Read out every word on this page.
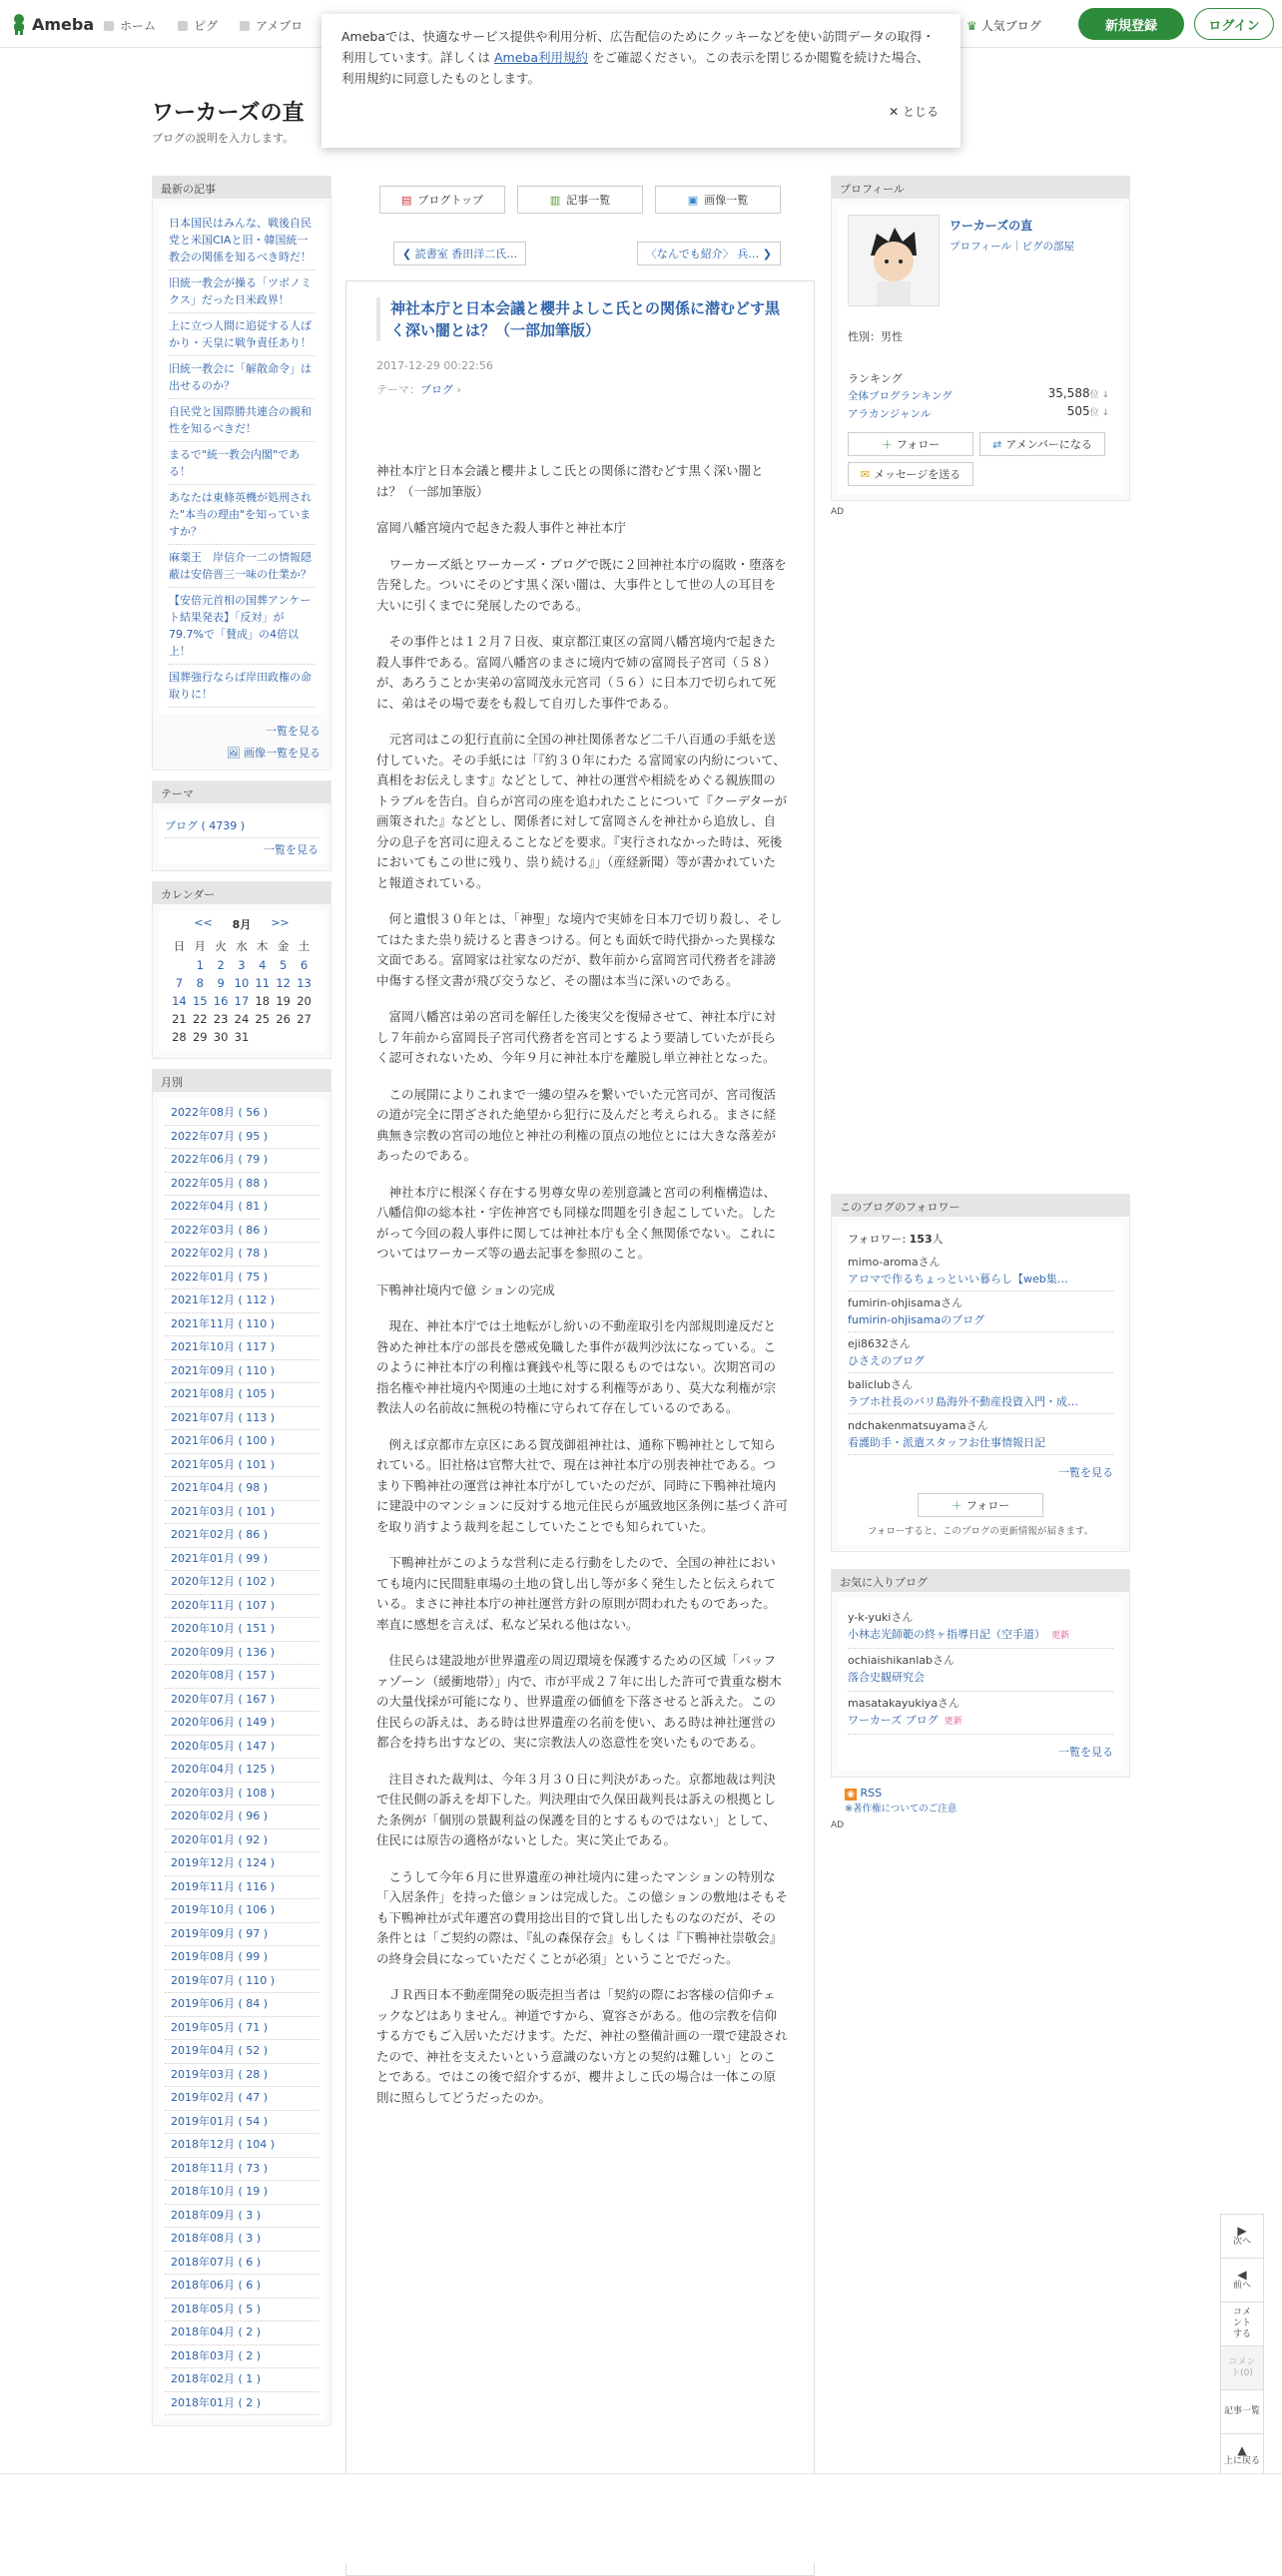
Ameba ホーム	ピグ	アメブロ	♛ 人気ブログ	新規登録	ログイン
ワーカーズの直
ブログの説明を入力します。
Amebaでは、快適なサービス提供や利用分析、広告配信のためにクッキーなどを使い訪問データの取得・利用しています。詳しくは Ameba利用規約 をご確認ください。この表示を閉じるか閲覧を続けた場合、利用規約に同意したものとします。
✕ とじる
最新の記事
日本国民はみんな、戦後自民党と米国CIAと旧・韓国統一教会の関係を知るべき時だ！
旧統一教会が操る「ツボノミクス」だった日米政界！
上に立つ人間に追従する人ばかり・天皇に戦争責任あり！
旧統一教会に「解散命令」は出せるのか？
自民党と国際勝共連合の親和性を知るべきだ！
まるで"統一教会内閣"である！
あなたは東條英機が処刑された"本当の理由"を知っていますか？
麻薬王　岸信介一二の情報隠蔽は安倍晋三一味の仕業か？
【安倍元首相の国葬アンケート結果発表】「反対」が79.7%で「賛成」の4倍以上！
国葬強行ならば岸田政権の命取りに！
一覧を見る
🖼 画像一覧を見る
テーマ
ブログ ( 4739 )
一覧を見る
カレンダー
<< 8月 >>
日	月	火	水	木	金	土
	1	2	3	4	5	6
7	8	9	10	11	12	13
14	15	16	17	18	19	20
21	22	23	24	25	26	27
28	29	30	31			
月別
2022年08月 ( 56 )
2022年07月 ( 95 )
2022年06月 ( 79 )
2022年05月 ( 88 )
2022年04月 ( 81 )
2022年03月 ( 86 )
2022年02月 ( 78 )
2022年01月 ( 75 )
2021年12月 ( 112 )
2021年11月 ( 110 )
2021年10月 ( 117 )
2021年09月 ( 110 )
2021年08月 ( 105 )
2021年07月 ( 113 )
2021年06月 ( 100 )
2021年05月 ( 101 )
2021年04月 ( 98 )
2021年03月 ( 101 )
2021年02月 ( 86 )
2021年01月 ( 99 )
2020年12月 ( 102 )
2020年11月 ( 107 )
2020年10月 ( 151 )
2020年09月 ( 136 )
2020年08月 ( 157 )
2020年07月 ( 167 )
2020年06月 ( 149 )
2020年05月 ( 147 )
2020年04月 ( 125 )
2020年03月 ( 108 )
2020年02月 ( 96 )
2020年01月 ( 92 )
2019年12月 ( 124 )
2019年11月 ( 116 )
2019年10月 ( 106 )
2019年09月 ( 97 )
2019年08月 ( 99 )
2019年07月 ( 110 )
2019年06月 ( 84 )
2019年05月 ( 71 )
2019年04月 ( 52 )
2019年03月 ( 28 )
2019年02月 ( 47 )
2019年01月 ( 54 )
2018年12月 ( 104 )
2018年11月 ( 73 )
2018年10月 ( 19 )
2018年09月 ( 3 )
2018年08月 ( 3 )
2018年07月 ( 6 )
2018年06月 ( 6 )
2018年05月 ( 5 )
2018年04月 ( 2 )
2018年03月 ( 2 )
2018年02月 ( 1 )
2018年01月 ( 2 )
▤ ブログトップ	▥ 記事一覧	▣ 画像一覧
❮
読書室 香田洋二氏…	〈なんでも紹介〉 兵…
❯
神社本庁と日本会議と櫻井よしこ氏との関係に潜むどす黒く深い闇とは？（一部加筆版）
2017-12-29 00:22:56
テーマ：ブログ ›

神社本庁と日本会議と櫻井よしこ氏との関係に潜むどす黒く深い闇とは？（一部加筆版）

富岡八幡宮境内で起きた殺人事件と神社本庁

　ワーカーズ紙とワーカーズ・ブログで既に２回神社本庁の腐敗・堕落を告発した。ついにそのどす黒く深い闇は、大事件として世の人の耳目を大いに引くまでに発展したのである。

　その事件とは１２月７日夜、東京都江東区の富岡八幡宮境内で起きた殺人事件である。富岡八幡宮のまさに境内で姉の富岡長子宮司（５８）が、あろうことか実弟の富岡茂永元宮司（５６）に日本刀で切られて死に、弟はその場で妻をも殺して自刃した事件である。

　元宮司はこの犯行直前に全国の神社関係者など二千八百通の手紙を送付していた。その手紙には「『約３０年にわた る富岡家の内紛について、真相をお伝えします』などとして、神社の運営や相続をめぐる親族間のトラブルを告白。自らが宮司の座を追われたことについて『クーデターが画策された』などとし、関係者に対して富岡さんを神社から追放し、自分の息子を宮司に迎えることなどを要求。『実行されなかった時は、死後においてもこの世に残り、祟り続ける』」（産経新聞）等が書かれていたと報道されている。

　何と遺恨３０年とは、「神聖」な境内で実姉を日本刀で切り殺し、そしてはたまた祟り続けると書きつける。何とも面妖で時代掛かった異様な文面である。富岡家は社家なのだが、数年前から富岡宮司代務者を誹謗中傷する怪文書が飛び交うなど、その闇は本当に深いのである。

　富岡八幡宮は弟の宮司を解任した後実父を復帰させて、神社本庁に対し７年前から富岡長子宮司代務者を宮司とするよう要請していたが長らく認可されないため、今年９月に神社本庁を離脱し単立神社となった。

　この展開によりこれまで一縷の望みを繋いでいた元宮司が、宮司復活の道が完全に閉ざされた絶望から犯行に及んだと考えられる。まさに経典無き宗教の宮司の地位と神社の利権の頂点の地位とには大きな落差があったのである。

　神社本庁に根深く存在する男尊女卑の差別意識と宮司の利権構造は、八幡信仰の総本社・宇佐神宮でも同様な問題を引き起こしていた。したがって今回の殺人事件に関しては神社本庁も全く無関係でない。これについてはワーカーズ等の過去記事を参照のこと。

下鴨神社境内で億 ションの完成

　現在、神社本庁では土地転がし紛いの不動産取引を内部規則違反だと咎めた神社本庁の部長を懲戒免職した事件が裁判沙汰になっている。このように神社本庁の利権は賽銭や札等に限るものではない。次期宮司の指名権や神社境内や関連の土地に対する利権等があり、莫大な利権が宗教法人の名前故に無税の特権に守られて存在しているのである。

　例えば京都市左京区にある賀茂御祖神社は、通称下鴨神社として知られている。旧社格は官幣大社で、現在は神社本庁の別表神社である。つまり下鴨神社の運営は神社本庁がしていたのだが、同時に下鴨神社境内に建設中のマンションに反対する地元住民らが風致地区条例に基づく許可を取り消すよう裁判を起こしていたことでも知られていた。

　下鴨神社がこのような営利に走る行動をしたので、全国の神社においても境内に民間駐車場の土地の貸し出し等が多く発生したと伝えられている。まさに神社本庁の神社運営方針の原則が問われたものであった。率直に感想を言えば、私など呆れる他はない。

　住民らは建設地が世界遺産の周辺環境を保護するための区域「バッファゾーン（緩衝地帯）」内で、市が平成２７年に出した許可で貴重な樹木の大量伐採が可能になり、世界遺産の価値を下落させると訴えた。この住民らの訴えは、ある時は世界遺産の名前を使い、ある時は神社運営の都合を持ち出すなどの、実に宗教法人の恣意性を突いたものである。

　注目された裁判は、今年３月３０日に判決があった。京都地裁は判決で住民側の訴えを却下した。判決理由で久保田裁判長は訴えの根拠とした条例が「個別の景観利益の保護を目的とするものではない」として、住民には原告の適格がないとした。実に笑止である。

　こうして今年６月に世界遺産の神社境内に建ったマンションの特別な「入居条件」を持った億ションは完成した。この億ションの敷地はそもそも下鴨神社が式年遷宮の費用捻出目的で貸し出したものなのだが、その条件とは「ご契約の際は、『糺の森保存会』もしくは『下鴨神社崇敬会』の終身会員になっていただくことが必須」ということでだった。

　ＪＲ西日本不動産開発の販売担当者は「契約の際にお客様の信仰チェックなどはありません。神道ですから、寛容さがある。他の宗教を信仰する方でもご入居いただけます。ただ、神社の整備計画の一環で建設されたので、神社を支えたいという意識のない方との契約は難しい」とのことである。ではこの後で紹介するが、櫻井よしこ氏の場合は一体この原則に照らしてどうだったのか。

プロフィール
ワーカーズの直
プロフィール｜ピグの部屋
性別：男性
ランキング
全体ブログランキング	35,588位 ↓
アラカンジャンル	505位 ↓
＋ フォロー	⇄ アメンバーになる
✉ メッセージを送る
AD
このブログのフォロワー
フォロワー: 153人
mimo-aromaさん
アロマで作るちょっといい暮らし【web集…
fumirin-ohjisamaさん
fumirin-ohjisamaのブログ
eji8632さん
ひさえのブログ
baliclubさん
ラブホ社長のバリ島海外不動産投資入門・成…
ndchakenmatsuyamaさん
看護助手・派遣スタッフお仕事情報日記
一覧を見る
＋ フォロー
フォローすると、このブログの更新情報が届きます。
お気に入りブログ
y-k-yukiさん
小林志光師範の終ヶ指導日記（空手道） 更新
ochiaishikanlabさん
落合史観研究会
masatakayukiyaさん
ワーカーズ ブログ 更新
一覧を見る
◉ RSS
※著作権についてのご注意
AD
▶
次へ
◀
前へ
コメントする
コメント(0)
記事一覧
▲
上に戻る
